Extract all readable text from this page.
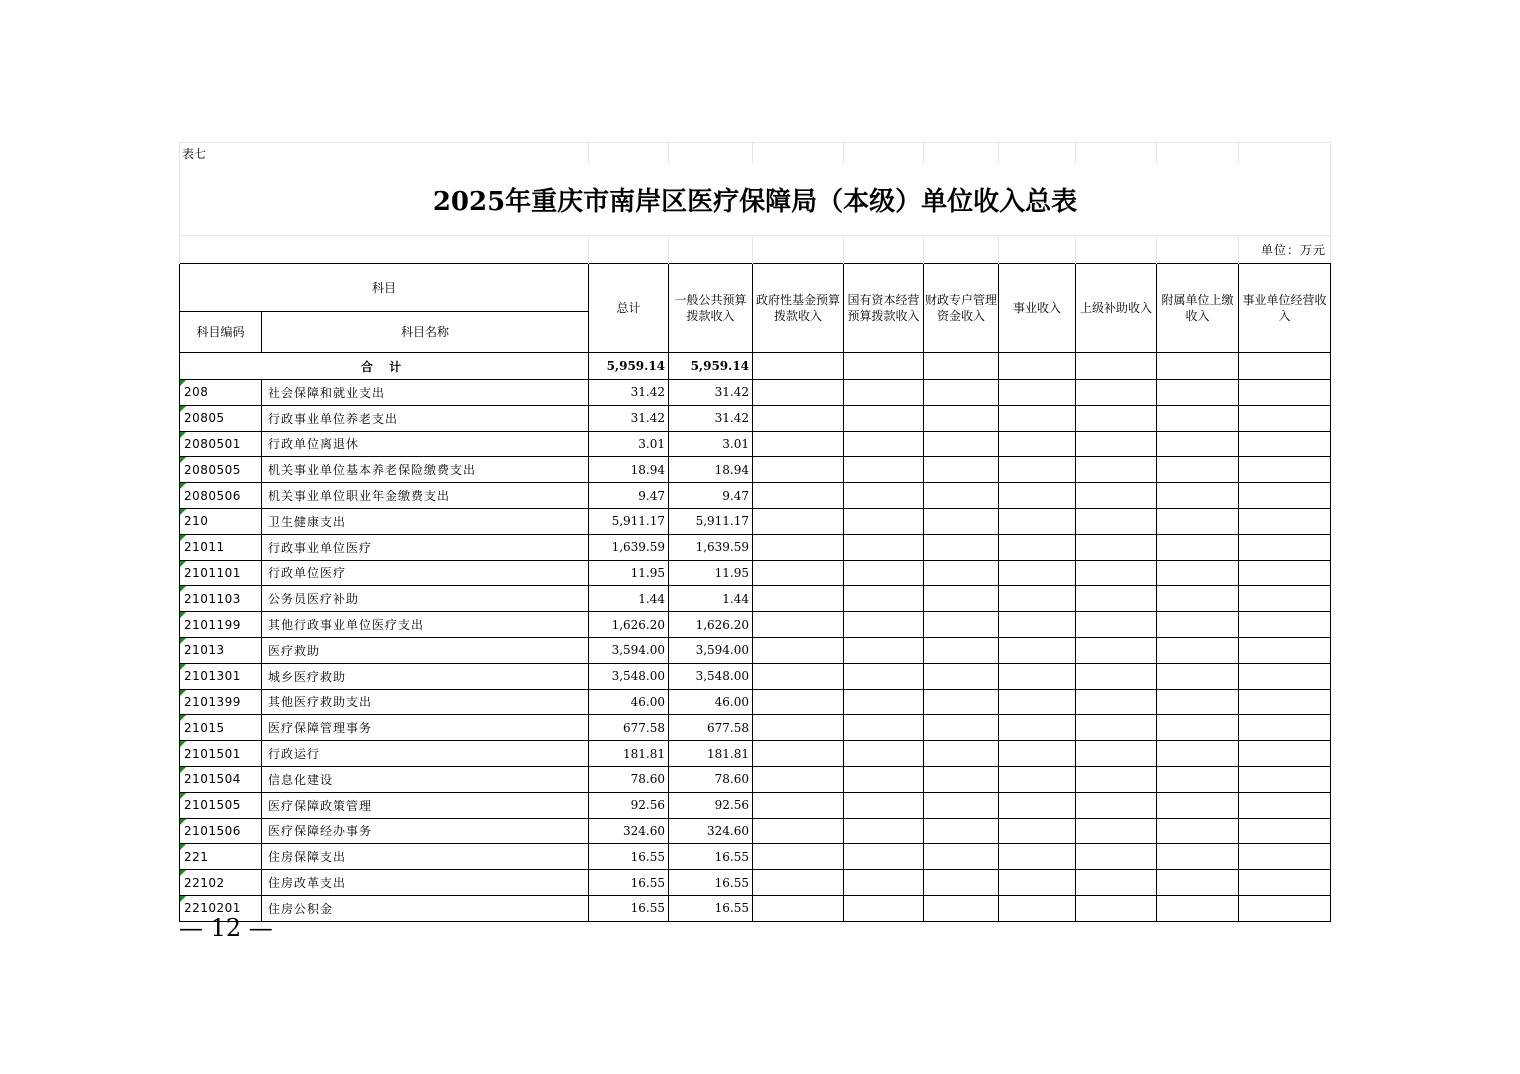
表七											
2025年重庆市南岸区医疗保障局（本级）单位收入总表											
										单位：万元	
科目		总计	一般公共预算拨款收入	政府性基金预算拨款收入	国有资本经营预算拨款收入	财政专户管理资金收入	事业收入	上级补助收入	附属单位上缴收入	事业单位经营收入	
科目编码	科目名称										
合 计		5,959.14	5,959.14								
208	社会保障和就业支出	31.42	31.42								
20805	行政事业单位养老支出	31.42	31.42								
2080501	行政单位离退休	3.01	3.01								
2080505	机关事业单位基本养老保险缴费支出	18.94	18.94								
2080506	机关事业单位职业年金缴费支出	9.47	9.47								
210	卫生健康支出	5,911.17	5,911.17								
21011	行政事业单位医疗	1,639.59	1,639.59								
2101101	行政单位医疗	11.95	11.95								
2101103	公务员医疗补助	1.44	1.44								
2101199	其他行政事业单位医疗支出	1,626.20	1,626.20								
21013	医疗救助	3,594.00	3,594.00								
2101301	城乡医疗救助	3,548.00	3,548.00								
2101399	其他医疗救助支出	46.00	46.00								
21015	医疗保障管理事务	677.58	677.58								
2101501	行政运行	181.81	181.81								
2101504	信息化建设	78.60	78.60								
2101505	医疗保障政策管理	92.56	92.56								
2101506	医疗保障经办事务	324.60	324.60								
221	住房保障支出	16.55	16.55								
22102	住房改革支出	16.55	16.55								
2210201	住房公积金	16.55	16.55								
— 12 —
